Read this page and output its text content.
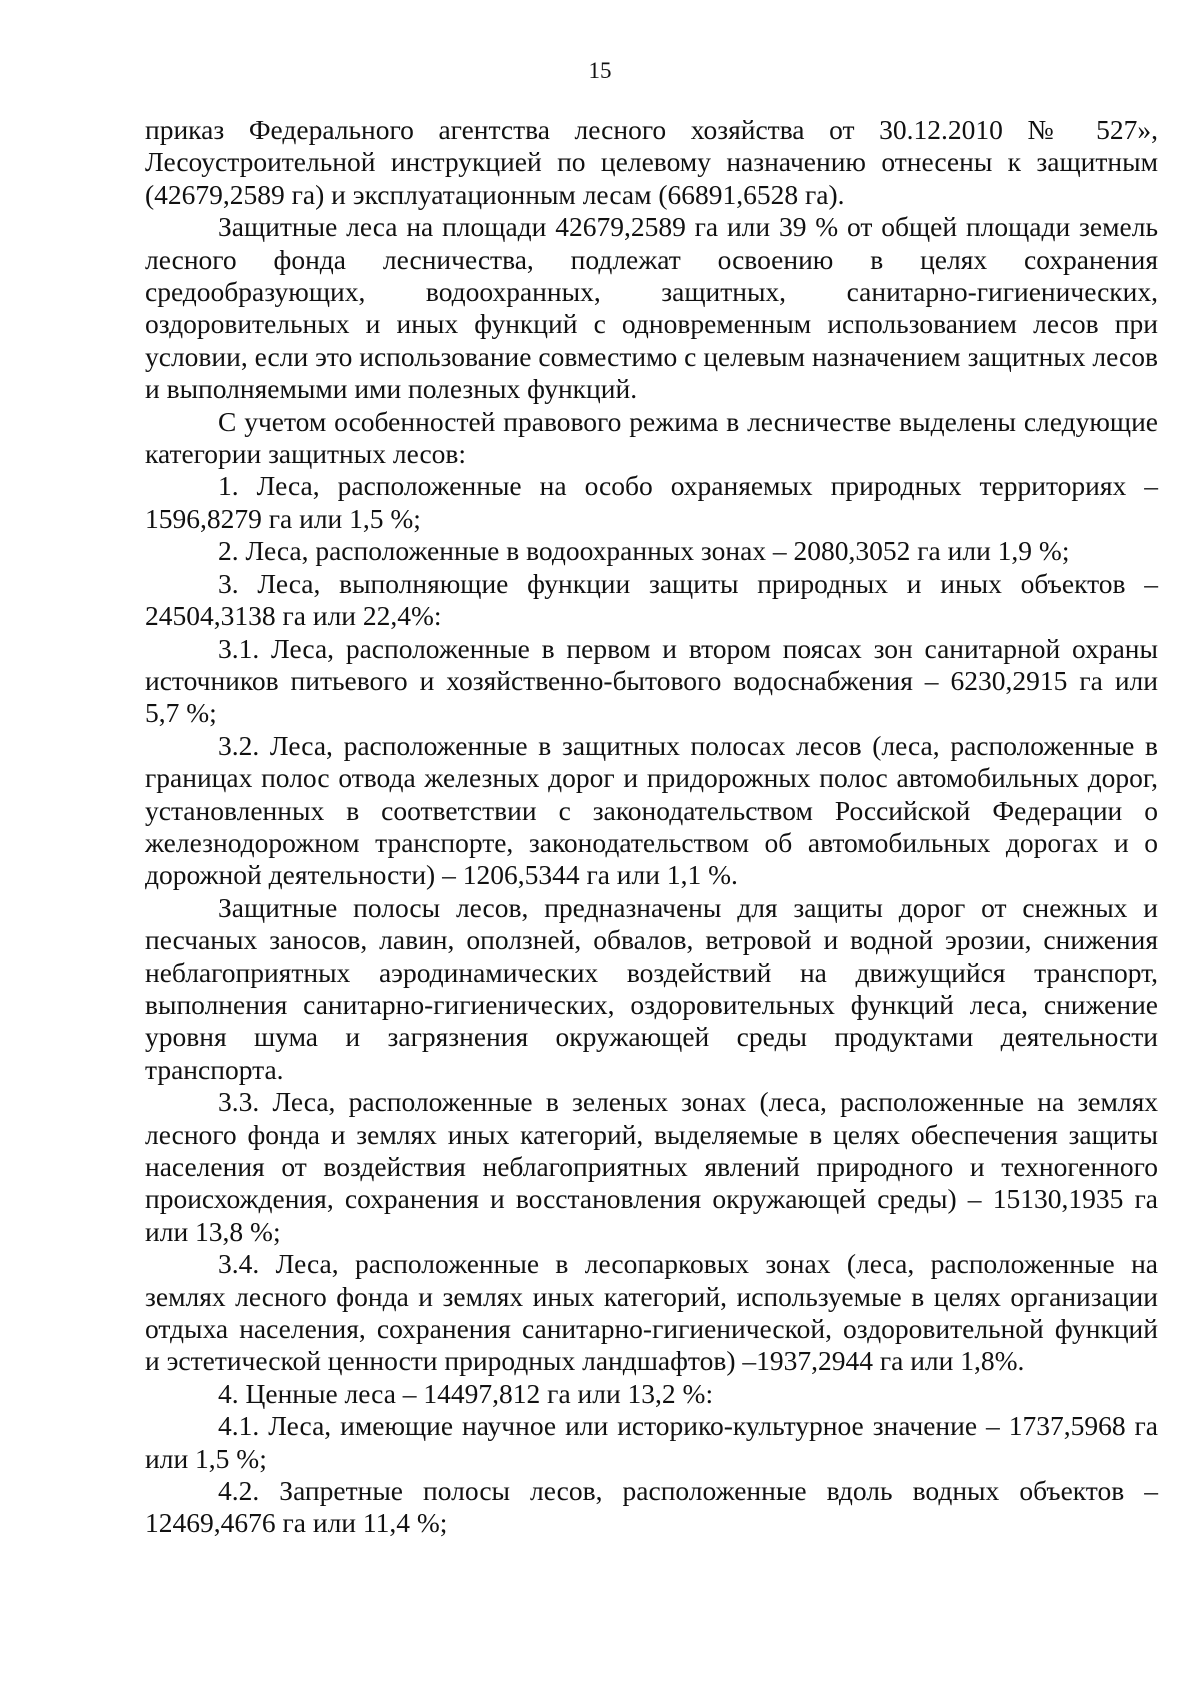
15

приказ Федерального агентства лесного хозяйства от 30.12.2010 № 527», Лесоустроительной инструкцией по целевому назначению отнесены к защитным (42679,2589 га) и эксплуатационным лесам (66891,6528 га).

Защитные леса на площади 42679,2589 га или 39 % от общей площади земель лесного фонда лесничества, подлежат освоению в целях сохранения средообразующих, водоохранных, защитных, санитарно-гигиенических, оздоровительных и иных функций с одновременным использованием лесов при условии, если это использование совместимо с целевым назначением защитных лесов и выполняемыми ими полезных функций.

С учетом особенностей правового режима в лесничестве выделены следующие категории защитных лесов:

1. Леса, расположенные на особо охраняемых природных территориях – 1596,8279 га или 1,5 %;

2. Леса, расположенные в водоохранных зонах – 2080,3052 га или 1,9 %;

3. Леса, выполняющие функции защиты природных и иных объектов – 24504,3138 га или 22,4%:

3.1. Леса, расположенные в первом и втором поясах зон санитарной охраны источников питьевого и хозяйственно-бытового водоснабжения – 6230,2915 га или 5,7 %;

3.2. Леса, расположенные в защитных полосах лесов (леса, расположенные в границах полос отвода железных дорог и придорожных полос автомобильных дорог, установленных в соответствии с законодательством Российской Федерации о железнодорожном транспорте, законодательством об автомобильных дорогах и о дорожной деятельности) – 1206,5344 га или 1,1 %.

Защитные полосы лесов, предназначены для защиты дорог от снежных и песчаных заносов, лавин, оползней, обвалов, ветровой и водной эрозии, снижения неблагоприятных аэродинамических воздействий на движущийся транспорт, выполнения санитарно-гигиенических, оздоровительных функций леса, снижение уровня шума и загрязнения окружающей среды продуктами деятельности транспорта.

3.3. Леса, расположенные в зеленых зонах (леса, расположенные на землях лесного фонда и землях иных категорий, выделяемые в целях обеспечения защиты населения от воздействия неблагоприятных явлений природного и техногенного происхождения, сохранения и восстановления окружающей среды) – 15130,1935 га или 13,8 %;

3.4. Леса, расположенные в лесопарковых зонах (леса, расположенные на землях лесного фонда и землях иных категорий, используемые в целях организации отдыха населения, сохранения санитарно-гигиенической, оздоровительной функций и эстетической ценности природных ландшафтов) –1937,2944 га или 1,8%.

4. Ценные леса – 14497,812 га или 13,2 %:

4.1. Леса, имеющие научное или историко-культурное значение – 1737,5968 га или 1,5 %;

4.2. Запретные полосы лесов, расположенные вдоль водных объектов – 12469,4676 га или 11,4 %;
